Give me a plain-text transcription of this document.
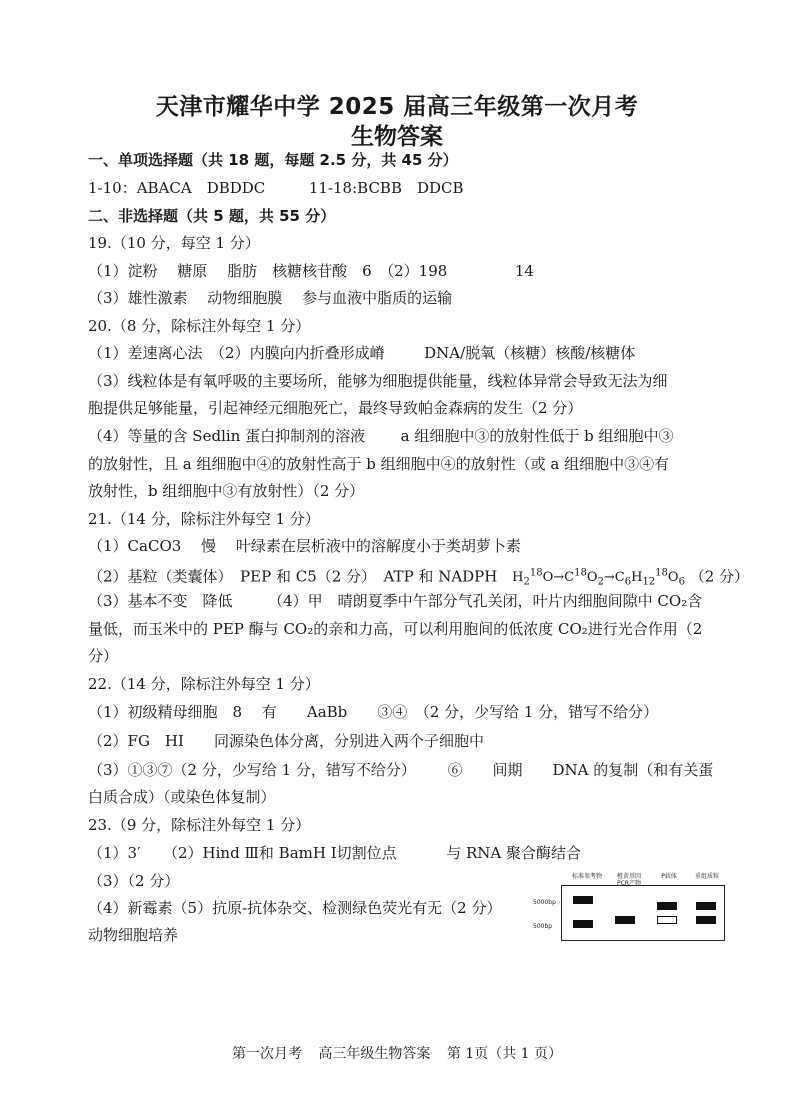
天津市耀华中学 2025 届高三年级第一次月考
生物答案
一、单项选择题（共 18 题，每题 2.5 分，共 45 分）
1-10：ABACA　DBDDC	11-18:BCBB　DDCB
二、非选择题（共 5 题，共 55 分）
19.（10 分，每空 1 分）
（1）淀粉　 糖原　 脂肪　核糖核苷酸　6　（2）198	14
（3）雄性激素　 动物细胞膜　 参与血液中脂质的运输
20.（8 分，除标注外每空 1 分）
（1）差速离心法　（2）内膜向内折叠形成嵴	DNA/脱氧（核糖）核酸/核糖体
（3）线粒体是有氧呼吸的主要场所，能够为细胞提供能量，线粒体异常会导致无法为细
胞提供足够能量，引起神经元细胞死亡，最终导致帕金森病的发生（2 分）
（4）等量的含 Sedlin 蛋白抑制剂的溶液 a 组细胞中③的放射性低于 b 组细胞中③
的放射性，且 a 组细胞中④的放射性高于 b 组细胞中④的放射性（或 a 组细胞中③④有
放射性，b 组细胞中③有放射性）（2 分）
21.（14 分，除标注外每空 1 分）
（1）CaCO3　 慢　 叶绿素在层析液中的溶解度小于类胡萝卜素
（2）基粒（类囊体）　PEP 和 C5（2 分）　ATP 和 NADPH $H_2^{18}O\to C^{18}O_2\to C_6H_{12}^{18}O_6$ （2 分）
（3）基本不变　降低 （4）甲　晴朗夏季中午部分气孔关闭，叶片内细胞间隙中 CO₂含
量低，而玉米中的 PEP 酶与 CO₂的亲和力高，可以利用胞间的低浓度 CO₂进行光合作用（2
分）
22.（14 分，除标注外每空 1 分）
（1）初级精母细胞　8　 有　　AaBb　　③④　（2 分，少写给 1 分，错写不给分）
（2）FG　HI　　同源染色体分离，分别进入两个子细胞中
（3）①③⑦（2 分，少写给 1 分，错写不给分） ⑥　　间期　　DNA 的复制（和有关蛋
白质合成）（或染色体复制）
23.（9 分，除标注外每空 1 分）
（1）3′　　（2）Hind Ⅲ和 BamH Ⅰ切割位点	与 RNA 聚合酶结合
（3）（2 分）
（4）新霉素（5）抗原-抗体杂交、检测绿色荧光有无（2 分）
动物细胞培养
标准参考物	橙黄基因
PCR产物
P载体	重组质粒
5000bp
500bp
第一次月考 高三年级生物答案 第 1页（共 1 页）
